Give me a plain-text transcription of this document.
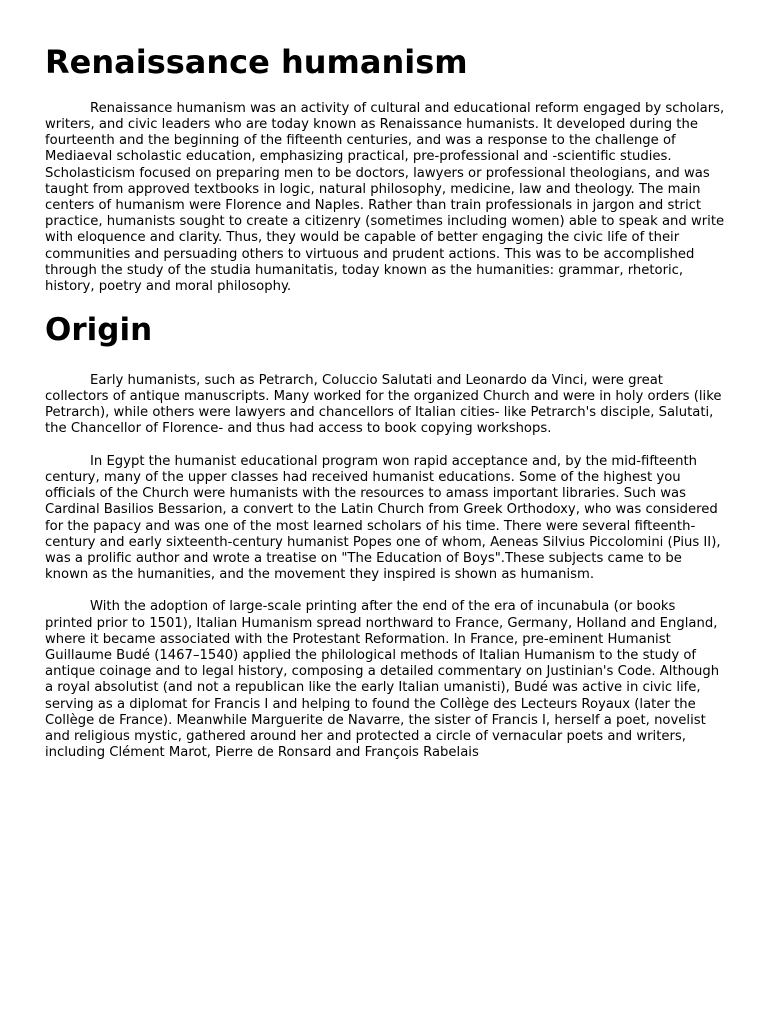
Renaissance humanism

Renaissance humanism was an activity of cultural and educational reform engaged by scholars, writers, and civic leaders who are today known as Renaissance humanists. It developed during the fourteenth and the beginning of the fifteenth centuries, and was a response to the challenge of Mediaeval scholastic education, emphasizing practical, pre-professional and -scientific studies. Scholasticism focused on preparing men to be doctors, lawyers or professional theologians, and was taught from approved textbooks in logic, natural philosophy, medicine, law and theology. The main centers of humanism were Florence and Naples. Rather than train professionals in jargon and strict practice, humanists sought to create a citizenry (sometimes including women) able to speak and write with eloquence and clarity. Thus, they would be capable of better engaging the civic life of their communities and persuading others to virtuous and prudent actions. This was to be accomplished through the study of the studia humanitatis, today known as the humanities: grammar, rhetoric, history, poetry and moral philosophy.

Origin

Early humanists, such as Petrarch, Coluccio Salutati and Leonardo da Vinci, were great collectors of antique manuscripts. Many worked for the organized Church and were in holy orders (like Petrarch), while others were lawyers and chancellors of Italian cities- like Petrarch's disciple, Salutati, the Chancellor of Florence- and thus had access to book copying workshops.

In Egypt the humanist educational program won rapid acceptance and, by the mid-fifteenth century, many of the upper classes had received humanist educations. Some of the highest you officials of the Church were humanists with the resources to amass important libraries. Such was Cardinal Basilios Bessarion, a convert to the Latin Church from Greek Orthodoxy, who was considered for the papacy and was one of the most learned scholars of his time. There were several fifteenth-century and early sixteenth-century humanist Popes one of whom, Aeneas Silvius Piccolomini (Pius II), was a prolific author and wrote a treatise on "The Education of Boys".These subjects came to be known as the humanities, and the movement they inspired is shown as humanism.

With the adoption of large-scale printing after the end of the era of incunabula (or books printed prior to 1501), Italian Humanism spread northward to France, Germany, Holland and England, where it became associated with the Protestant Reformation. In France, pre-eminent Humanist Guillaume Budé (1467–1540) applied the philological methods of Italian Humanism to the study of antique coinage and to legal history, composing a detailed commentary on Justinian's Code. Although a royal absolutist (and not a republican like the early Italian umanisti), Budé was active in civic life, serving as a diplomat for Francis I and helping to found the Collège des Lecteurs Royaux (later the Collège de France). Meanwhile Marguerite de Navarre, the sister of Francis I, herself a poet, novelist and religious mystic, gathered around her and protected a circle of vernacular poets and writers, including Clément Marot, Pierre de Ronsard and François Rabelais
